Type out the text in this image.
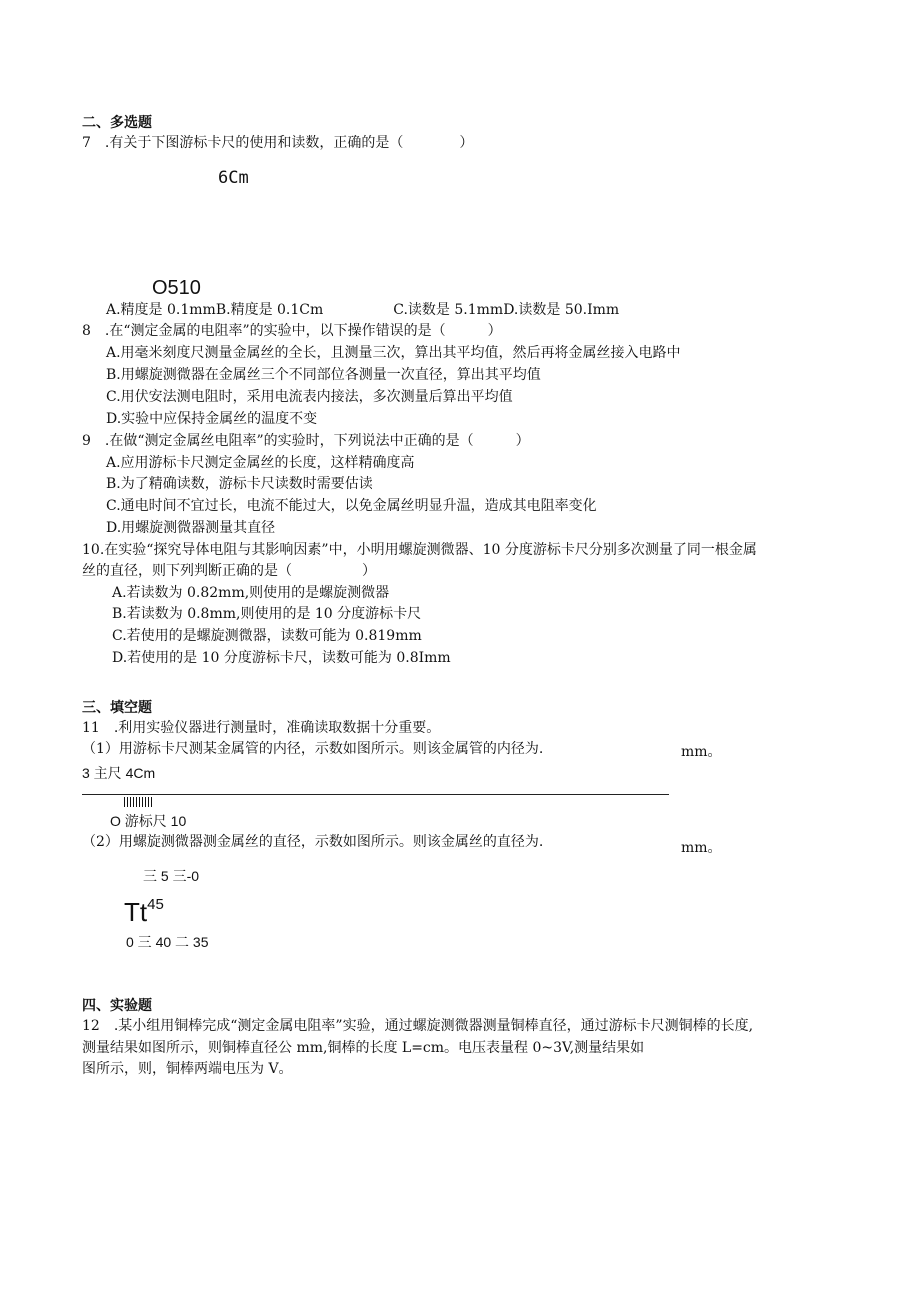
二、多选题
7　.有关于下图游标卡尺的使用和读数，正确的是（　　　　）
6Cm
O510
A.精度是 0.1mmB.精度是 0.1Cm　　　　　C.读数是 5.1mmD.读数是 50.Imm
8　.在“测定金属的电阻率”的实验中，以下操作错误的是（　　　）
A.用毫米刻度尺测量金属丝的全长，且测量三次，算出其平均值，然后再将金属丝接入电路中
B.用螺旋测微器在金属丝三个不同部位各测量一次直径，算出其平均值
C.用伏安法测电阻时，采用电流表内接法，多次测量后算出平均值
D.实验中应保持金属丝的温度不变
9　.在做“测定金属丝电阻率”的实验时，下列说法中正确的是（　　　）
A.应用游标卡尺测定金属丝的长度，这样精确度高
B.为了精确读数，游标卡尺读数时需要估读
C.通电时间不宜过长，电流不能过大，以免金属丝明显升温，造成其电阻率变化
D.用螺旋测微器测量其直径
10.在实验“探究导体电阻与其影响因素”中，小明用螺旋测微器、10 分度游标卡尺分别多次测量了同一根金属
丝的直径，则下列判断正确的是（　　　　　）
A.若读数为 0.82mm,则使用的是螺旋测微器
B.若读数为 0.8mm,则使用的是 10 分度游标卡尺
C.若使用的是螺旋测微器，读数可能为 0.819mm
D.若使用的是 10 分度游标卡尺，读数可能为 0.8Imm
三、填空题
11　.利用实验仪器进行测量时，准确读取数据十分重要。
（1）用游标卡尺测某金属管的内径，示数如图所示。则该金属管的内径为.	mm。
3 主尺 4Cm
O 游标尺 10
（2）用螺旋测微器测金属丝的直径，示数如图所示。则该金属丝的直径为.	mm。
三 5 三-0
Tt$^{45}$
0 三 40 二 35
四、实验题
12　.某小组用铜棒完成“测定金属电阻率”实验，通过螺旋测微器测量铜棒直径，通过游标卡尺测铜棒的长度,
测量结果如图所示，则铜棒直径公 mm,铜棒的长度 L=cm。电压表量程 0~3V,测量结果如
图所示，则，铜棒两端电压为 V。
